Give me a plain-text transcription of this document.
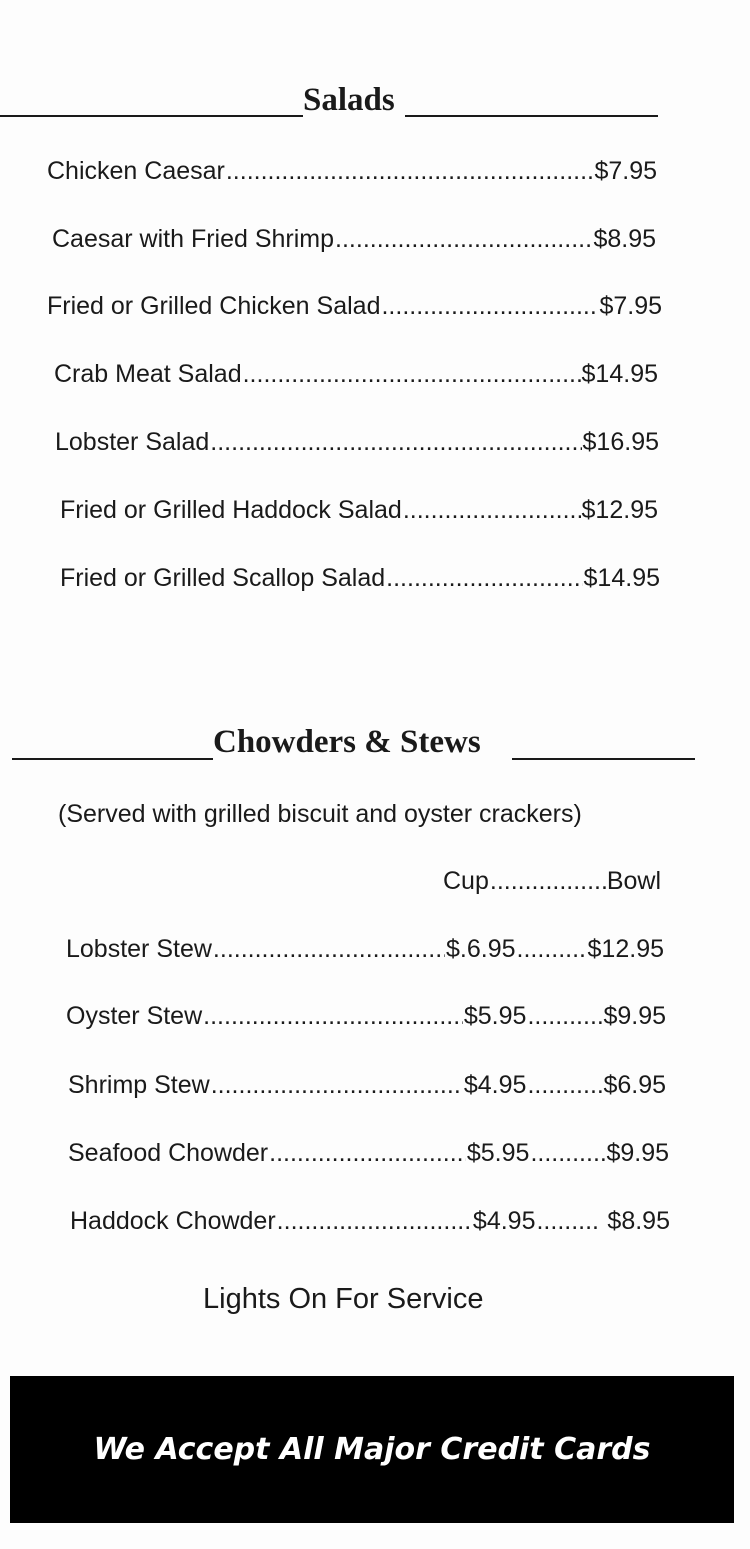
Salads
Chicken Caesar .....	$7.95
Caesar with Fried Shrimp .....	$8.95
Fried or Grilled Chicken Salad .....	$7.95
Crab Meat Salad .....	$14.95
Lobster Salad .....	$16.95
Fried or Grilled Haddock Salad .....	$12.95
Fried or Grilled Scallop Salad .....	$14.95
Chowders & Stews
(Served with grilled biscuit and oyster crackers)
Cup .....	Bowl
Lobster Stew .....	$.6.95 .....	$12.95
Oyster Stew .....	$5.95 .....	$9.95
Shrimp Stew .....	$4.95 .....	$6.95
Seafood Chowder .....	$5.95 .....	$9.95
Haddock Chowder .....	$4.95 .....	$8.95
Lights On For Service
We Accept All Major Credit Cards
